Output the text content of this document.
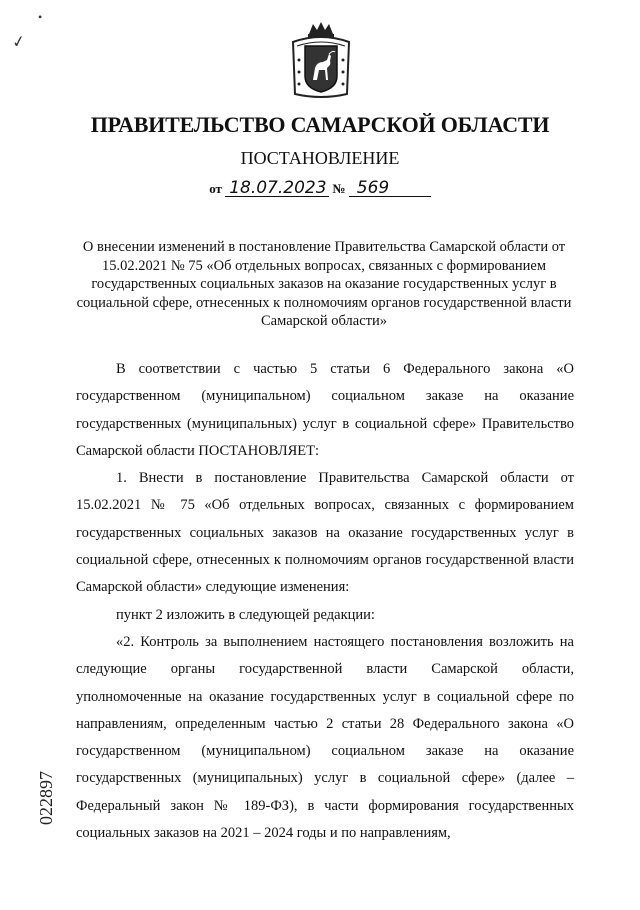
•
✓
ПРАВИТЕЛЬСТВО САМАРСКОЙ ОБЛАСТИ
ПОСТАНОВЛЕНИЕ
от 18.07.2023 № 569
О внесении изменений в постановление Правительства Самарской области от 15.02.2021 № 75 «Об отдельных вопросах, связанных с формированием государственных социальных заказов на оказание государственных услуг в социальной сфере, отнесенных к полномочиям органов государственной власти Самарской области»

В соответствии с частью 5 статьи 6 Федерального закона «О государственном (муниципальном) социальном заказе на оказание государственных (муниципальных) услуг в социальной сфере» Правительство Самарской области ПОСТАНОВЛЯЕТ:

1. Внести в постановление Правительства Самарской области от 15.02.2021 № 75 «Об отдельных вопросах, связанных с формированием государственных социальных заказов на оказание государственных услуг в социальной сфере, отнесенных к полномочиям органов государственной власти Самарской области» следующие изменения:

пункт 2 изложить в следующей редакции:

«2. Контроль за выполнением настоящего постановления возложить на следующие органы государственной власти Самарской области, уполномоченные на оказание государственных услуг в социальной сфере по направлениям, определенным частью 2 статьи 28 Федерального закона «О государственном (муниципальном) социальном заказе на оказание государственных (муниципальных) услуг в социальной сфере» (далее – Федеральный закон № 189-ФЗ), в части формирования государственных социальных заказов на 2021 – 2024 годы и по направлениям,

022897
